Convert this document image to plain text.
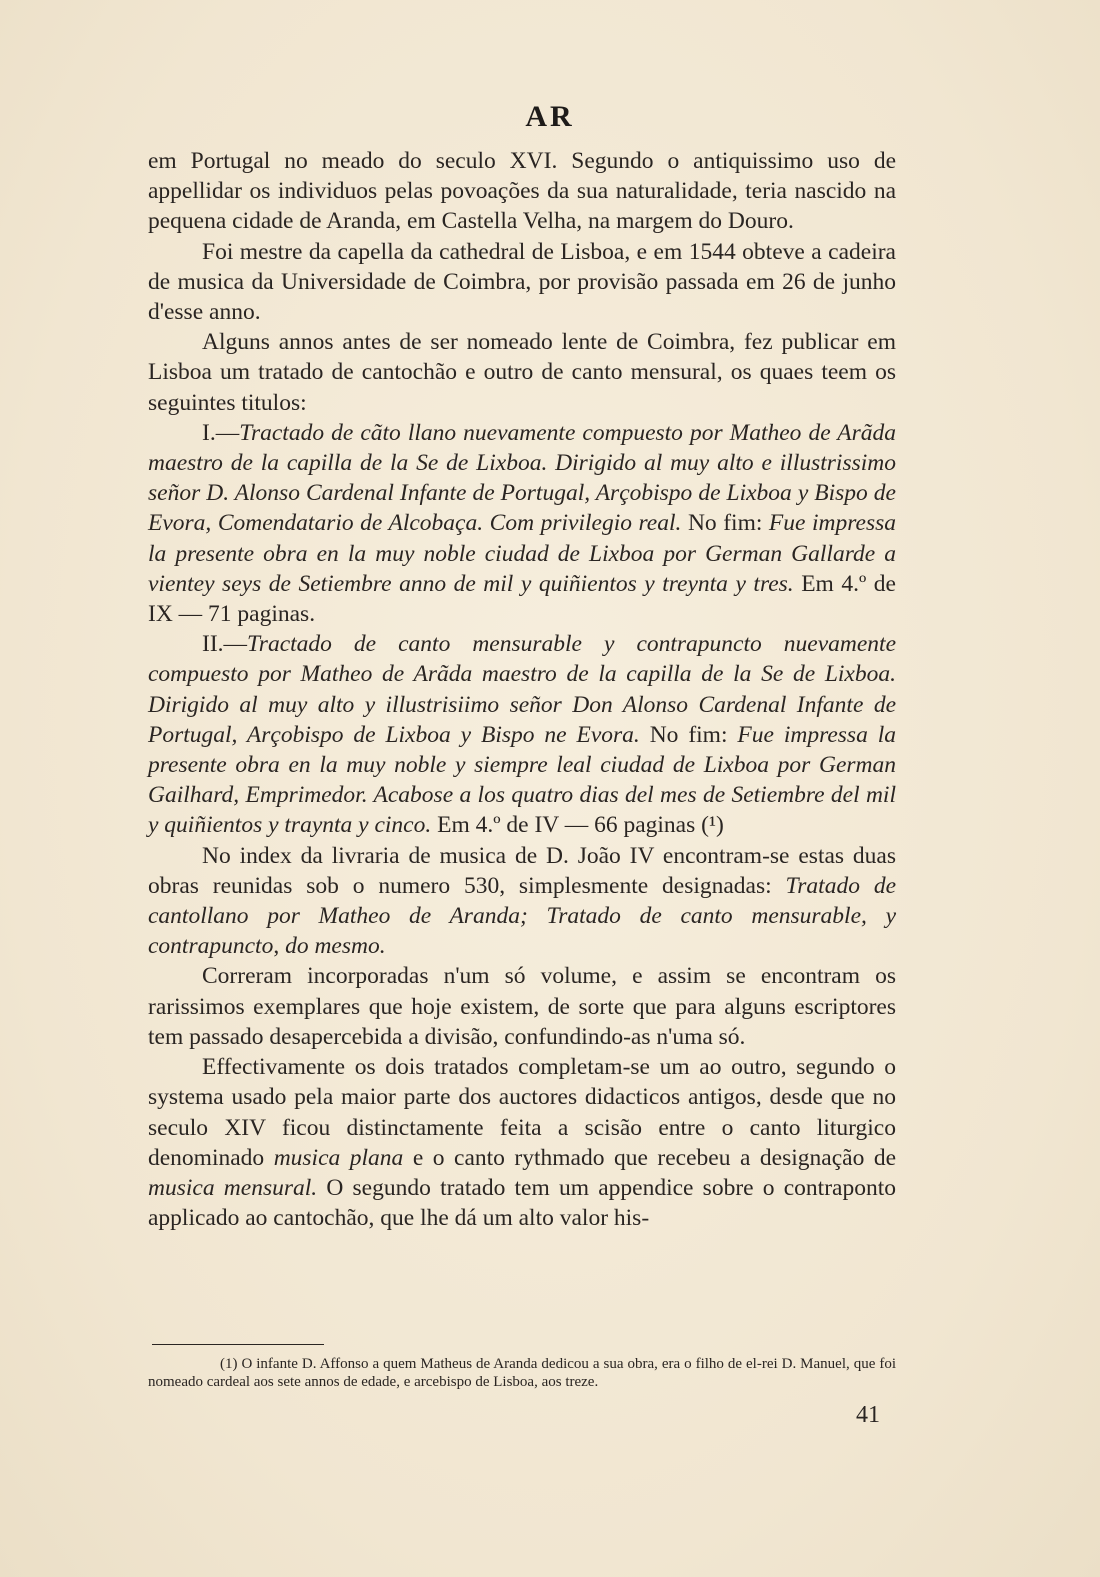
AR

em Portugal no meado do seculo XVI. Segundo o antiquissimo uso de appellidar os individuos pelas povoações da sua naturalidade, teria nascido na pequena cidade de Aranda, em Castella Velha, na margem do Douro.

Foi mestre da capella da cathedral de Lisboa, e em 1544 obteve a cadeira de musica da Universidade de Coimbra, por provisão passada em 26 de junho d'esse anno.

Alguns annos antes de ser nomeado lente de Coimbra, fez publicar em Lisboa um tratado de cantochão e outro de canto mensural, os quaes teem os seguintes titulos:

I.—Tractado de cãto llano nuevamente compuesto por Matheo de Arãda maestro de la capilla de la Se de Lixboa. Dirigido al muy alto e illustrissimo señor D. Alonso Cardenal Infante de Portugal, Arçobispo de Lixboa y Bispo de Evora, Comendatario de Alcobaça. Com privilegio real. No fim: Fue impressa la presente obra en la muy noble ciudad de Lixboa por German Gallarde a vientey seys de Setiembre anno de mil y quiñientos y treynta y tres. Em 4.º de IX — 71 paginas.

II.—Tractado de canto mensurable y contrapuncto nuevamente compuesto por Matheo de Arãda maestro de la capilla de la Se de Lixboa. Dirigido al muy alto y illustrisiimo señor Don Alonso Cardenal Infante de Portugal, Arçobispo de Lixboa y Bispo ne Evora. No fim: Fue impressa la presente obra en la muy noble y siempre leal ciudad de Lixboa por German Gailhard, Emprimedor. Acabose a los quatro dias del mes de Setiembre del mil y quiñientos y traynta y cinco. Em 4.º de IV — 66 paginas (¹)

No index da livraria de musica de D. João IV encontram-se estas duas obras reunidas sob o numero 530, simplesmente designadas: Tratado de cantollano por Matheo de Aranda; Tratado de canto mensurable, y contrapuncto, do mesmo.

Correram incorporadas n'um só volume, e assim se encontram os rarissimos exemplares que hoje existem, de sorte que para alguns escriptores tem passado desapercebida a divisão, confundindo-as n'uma só.

Effectivamente os dois tratados completam-se um ao outro, segundo o systema usado pela maior parte dos auctores didacticos antigos, desde que no seculo XIV ficou distinctamente feita a scisão entre o canto liturgico denominado musica plana e o canto rythmado que recebeu a designação de musica mensural. O segundo tratado tem um appendice sobre o contraponto applicado ao cantochão, que lhe dá um alto valor his-

(1) O infante D. Affonso a quem Matheus de Aranda dedicou a sua obra, era o filho de el-rei D. Manuel, que foi nomeado cardeal aos sete annos de edade, e arcebispo de Lisboa, aos treze.
41
